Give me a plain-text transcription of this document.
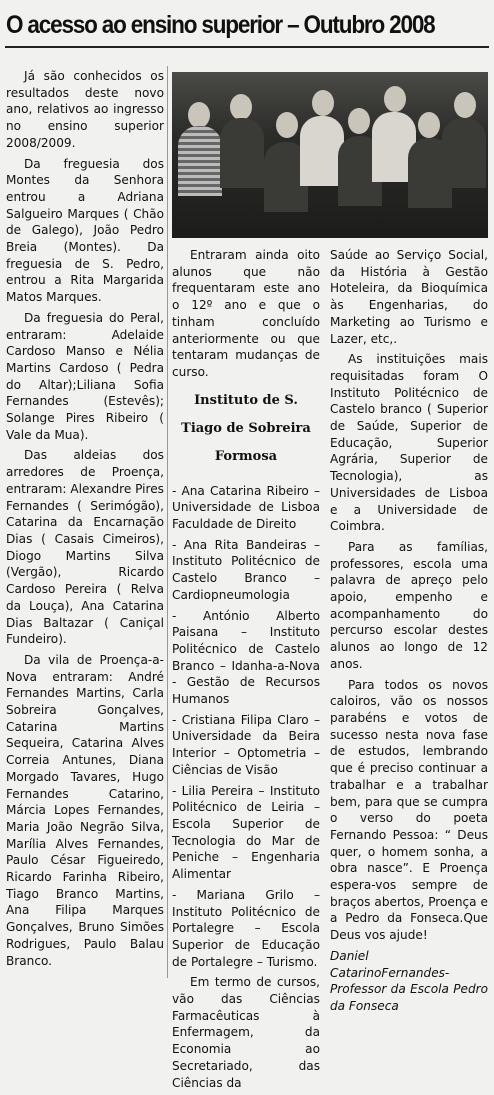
O acesso ao ensino superior – Outubro 2008

Já são conhecidos os resultados deste novo ano, relativos ao ingresso no ensino superior 2008/2009.

Da freguesia dos Montes da Senhora entrou a Adriana Salgueiro Marques ( Chão de Galego), João Pedro Breia (Montes). Da freguesia de S. Pedro, entrou a Rita Margarida Matos Marques.

Da freguesia do Peral, entraram: Adelaide Cardoso Manso e Nélia Martins Cardoso ( Pedra do Altar);Liliana Sofia Fernandes (Estevês); Solange Pires Ribeiro ( Vale da Mua).

Das aldeias dos arredores de Proença, entraram: Alexandre Pires Fernandes ( Serimógão), Catarina da Encarnação Dias ( Casais Cimeiros), Diogo Martins Silva (Vergão), Ricardo Cardoso Pereira ( Relva da Louça), Ana Catarina Dias Baltazar ( Caniçal Fundeiro).

Da vila de Proença-a-Nova entraram: André Fernandes Martins, Carla Sobreira Gonçalves, Catarina Martins Sequeira, Catarina Alves Correia Antunes, Diana Morgado Tavares, Hugo Fernandes Catarino, Márcia Lopes Fernandes, Maria João Negrão Silva, Marília Alves Fernandes, Paulo César Figueiredo, Ricardo Farinha Ribeiro, Tiago Branco Martins, Ana Filipa Marques Gonçalves, Bruno Simões Rodrigues, Paulo Balau Branco.

Entraram ainda oito alunos que não frequentaram este ano o 12º ano e que o tinham concluído anteriormente ou que tentaram mudanças de curso.

Instituto de S. Tiago de Sobreira Formosa

- Ana Catarina Ribeiro – Universidade de Lisboa Faculdade de Direito

- Ana Rita Bandeiras – Instituto Politécnico de Castelo Branco – Cardiopneumologia

- António Alberto Paisana – Instituto Politécnico de Castelo Branco – Idanha-a-Nova - Gestão de Recursos Humanos

- Cristiana Filipa Claro – Universidade da Beira Interior – Optometria – Ciências de Visão

- Lilia Pereira – Instituto Politécnico de Leiria – Escola Superior de Tecnologia do Mar de Peniche – Engenharia Alimentar

- Mariana Grilo – Instituto Politécnico de Portalegre – Escola Superior de Educação de Portalegre – Turismo.

Em termo de cursos, vão das Ciências Farmacêuticas à Enfermagem, da Economia ao Secretariado, das Ciências da

Saúde ao Serviço Social, da História à Gestão Hoteleira, da Bioquímica às Engenharias, do Marketing ao Turismo e Lazer, etc,.

As instituições mais requisitadas foram O Instituto Politécnico de Castelo branco ( Superior de Saúde, Superior de Educação, Superior Agrária, Superior de Tecnologia), as Universidades de Lisboa e a Universidade de Coimbra.

Para as famílias, professores, escola uma palavra de apreço pelo apoio, empenho e acompanhamento do percurso escolar destes alunos ao longo de 12 anos.

Para todos os novos caloiros, vão os nossos parabéns e votos de sucesso nesta nova fase de estudos, lembrando que é preciso continuar a trabalhar e a trabalhar bem, para que se cumpra o verso do poeta Fernando Pessoa: “ Deus quer, o homem sonha, a obra nasce”. E Proença espera-vos sempre de braços abertos, Proença e a Pedro da Fonseca.Que Deus vos ajude!

Daniel CatarinoFernandes- Professor da Escola Pedro da Fonseca
